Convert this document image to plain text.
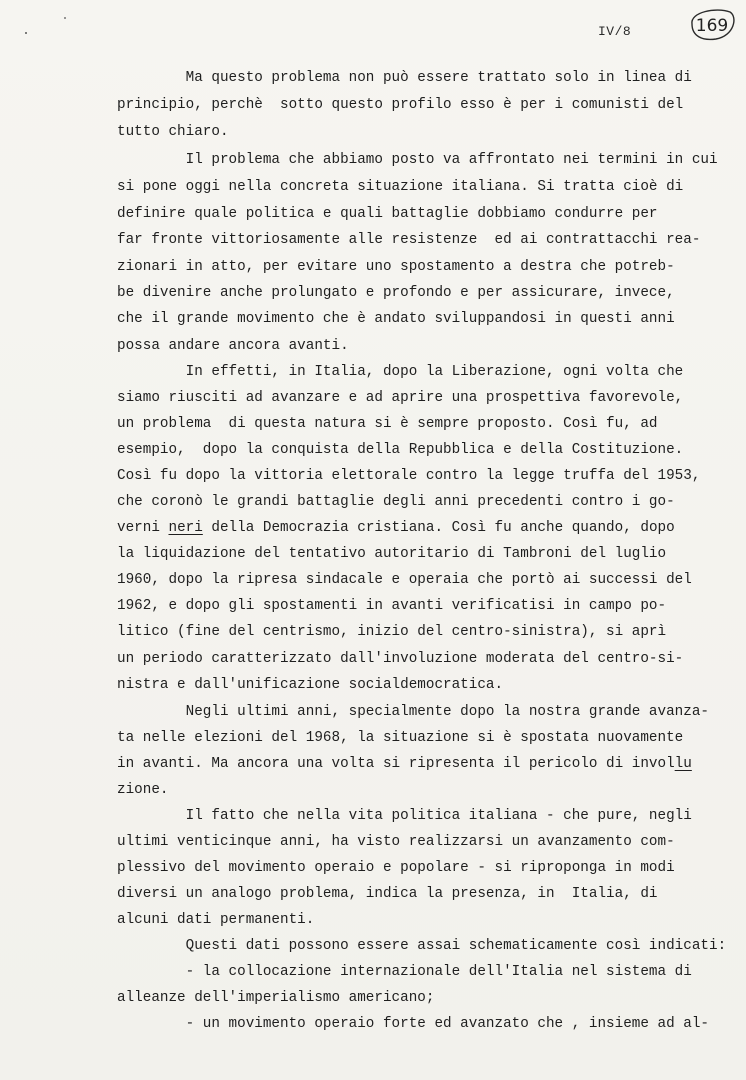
IV/8	169
Ma questo problema non può essere trattato solo in linea di
principio, perchè  sotto questo profilo esso è per i comunisti del
tutto chiaro.
Il problema che abbiamo posto va affrontato nei termini in cui
si pone oggi nella concreta situazione italiana. Si tratta cioè di
definire quale politica e quali battaglie dobbiamo condurre per
far fronte vittoriosamente alle resistenze  ed ai contrattacchi rea-
zionari in atto, per evitare uno spostamento a destra che potreb-
be divenire anche prolungato e profondo e per assicurare, invece,
che il grande movimento che è andato sviluppandosi in questi anni
possa andare ancora avanti.
In effetti, in Italia, dopo la Liberazione, ogni volta che
siamo riusciti ad avanzare e ad aprire una prospettiva favorevole,
un problema  di questa natura si è sempre proposto. Così fu, ad
esempio,  dopo la conquista della Repubblica e della Costituzione.
Così fu dopo la vittoria elettorale contro la legge truffa del 1953,
che coronò le grandi battaglie degli anni precedenti contro i go-
verni neri della Democrazia cristiana. Così fu anche quando, dopo
la liquidazione del tentativo autoritario di Tambroni del luglio
1960, dopo la ripresa sindacale e operaia che portò ai successi del
1962, e dopo gli spostamenti in avanti verificatisi in campo po-
litico (fine del centrismo, inizio del centro-sinistra), si aprì
un periodo caratterizzato dall'involuzione moderata del centro-si-
nistra e dall'unificazione socialdemocratica.
Negli ultimi anni, specialmente dopo la nostra grande avanza-
ta nelle elezioni del 1968, la situazione si è spostata nuovamente
in avanti. Ma ancora una volta si ripresenta il pericolo di invollu
zione.
Il fatto che nella vita politica italiana - che pure, negli
ultimi venticinque anni, ha visto realizzarsi un avanzamento com-
plessivo del movimento operaio e popolare - si riproponga in modi
diversi un analogo problema, indica la presenza, in  Italia, di
alcuni dati permanenti.
Questi dati possono essere assai schematicamente così indicati:
- la collocazione internazionale dell'Italia nel sistema di
alleanze dell'imperialismo americano;
- un movimento operaio forte ed avanzato che , insieme ad al-
